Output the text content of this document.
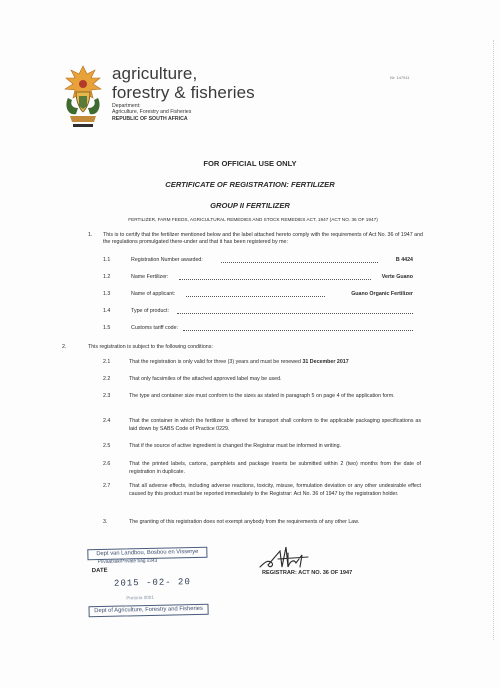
agriculture,
forestry & fisheries
Department:
Agriculture, Forestry and Fisheries
REPUBLIC OF SOUTH AFRICA
Nr: 147911
FOR OFFICIAL USE ONLY
CERTIFICATE OF REGISTRATION: FERTILIZER
GROUP II FERTILIZER
FERTILIZER, FARM FEEDS, AGRICULTURAL REMEDIES AND STOCK REMEDIES ACT, 1947 (ACT NO. 36 OF 1947)
1. This is to certify that the fertilizer mentioned below and the label attached hereto comply with the requirements of Act No. 36 of 1947 and the regulations promulgated there-under and that it has been registered by me:
1.1	Registration Number awarded:	B 4424
1.2	Name Fertilizer:	Verte Guano
1.3	Name of applicant:	Guano Organic Fertilizer
1.4	Type of product:
1.5	Customs tariff code:
2.	This registration is subject to the following conditions:
2.1	That the registration is only valid for three (3) years and must be renewed 31 December 2017
2.2	That only facsimiles of the attached approved label may be used.
2.3	The type and container size must conform to the sizes as stated in paragraph 5 on page 4 of the application form.
2.4	That the container in which the fertilizer is offered for transport shall conform to the applicable packaging specifications as laid down by SABS Code of Practice 0229.
2.5	That if the source of active ingredient is changed the Registrar must be informed in writing.
2.6	That the printed labels, cartons, pamphlets and package inserts be submitted within 2 (two) months from the date of registration in duplicate.
2.7	That all adverse effects, including adverse reactions, toxicity, misuse, formulation deviation or any other undesirable effect caused by this product must be reported immediately to the Registrar: Act No. 36 of 1947 by the registration holder.
3.	The granting of this registration does not exempt anybody from the requirements of any other Law.
Dept van Landbou, Bosbou en Visserye
Privaatsak/Private bag x343
DATE
2015 -02- 20
Pretoria 0001
Dept of Agriculture, Forestry and Fisheries
REGISTRAR: ACT NO. 36 OF 1947
